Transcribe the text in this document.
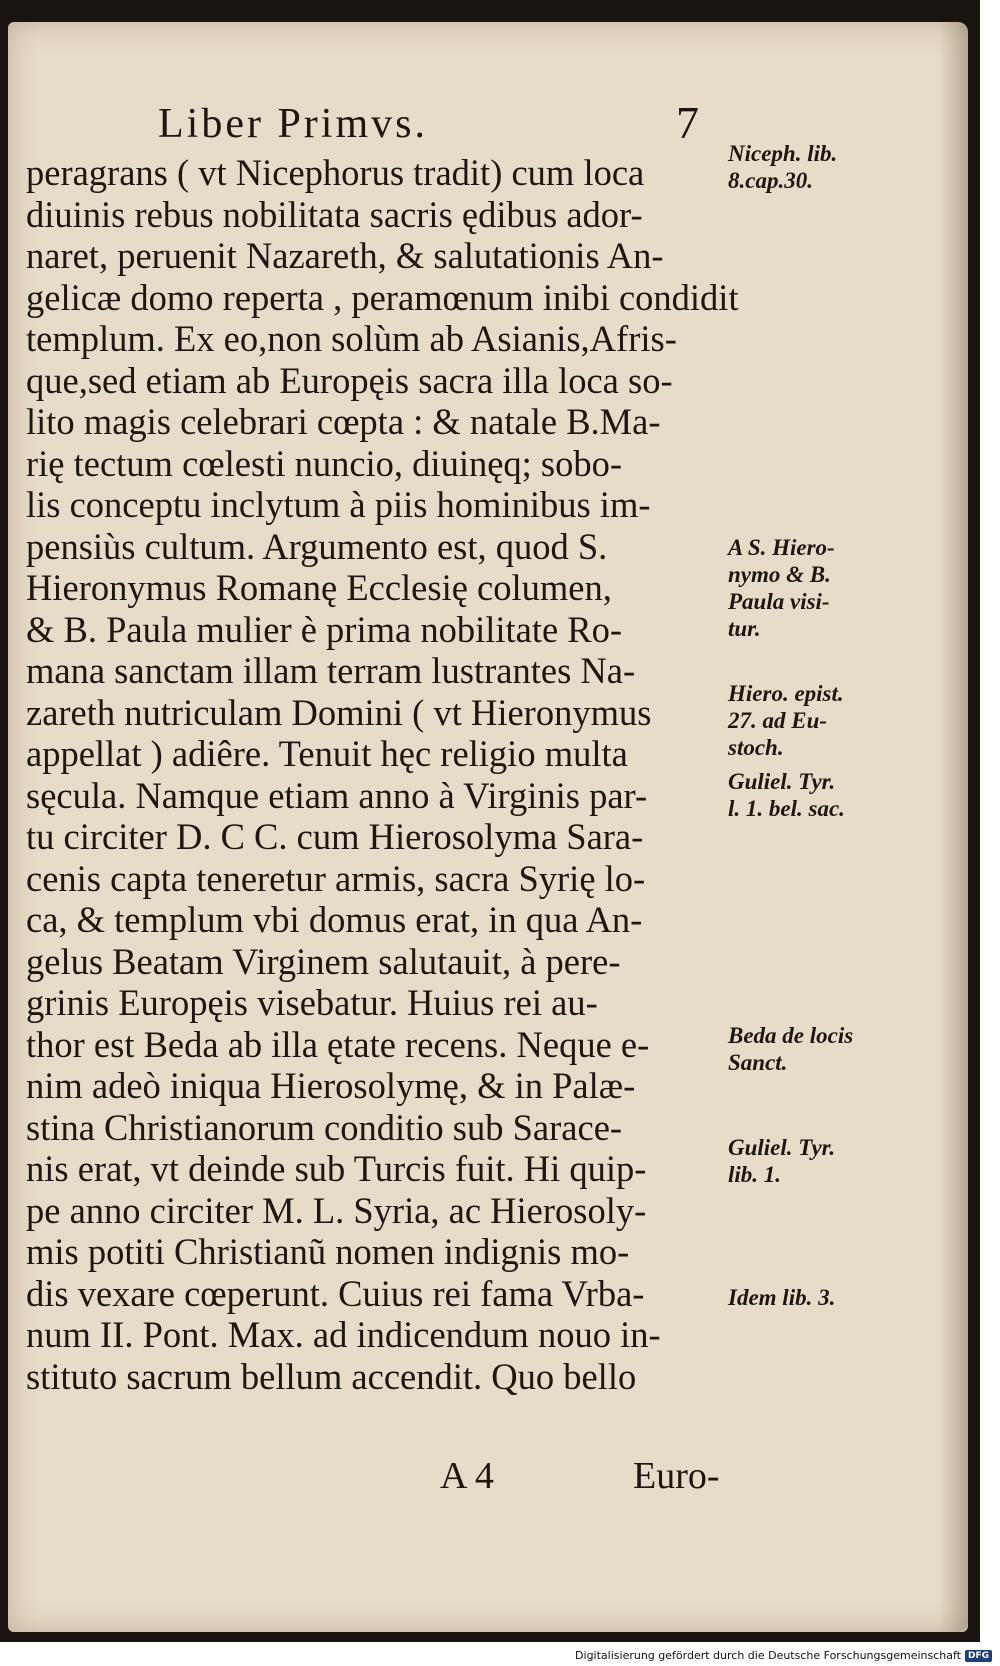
Liber Primvs.	7
peragrans ( vt Nicephorus tradit) cum loca
diuinis rebus nobilitata sacris ędibus ador-
naret, peruenit Nazareth, & salutationis An-
gelicæ domo reperta , peramœnum inibi condidit
templum. Ex eo,non solùm ab Asianis,Afris-
que,sed etiam ab Europęis sacra illa loca so-
lito magis celebrari cœpta : & natale B.Ma-
rię tectum cœlesti nuncio, diuinęq; sobo-
lis conceptu inclytum à piis hominibus im-
pensiùs cultum. Argumento est, quod S.
Hieronymus Romanę Ecclesię columen,
& B. Paula mulier è prima nobilitate Ro-
mana sanctam illam terram lustrantes Na-
zareth nutriculam Domini ( vt Hieronymus
appellat ) adiêre. Tenuit hęc religio multa
sęcula. Namque etiam anno à Virginis par-
tu circiter D. C C. cum Hierosolyma Sara-
cenis capta teneretur armis, sacra Syrię lo-
ca, & templum vbi domus erat, in qua An-
gelus Beatam Virginem salutauit, à pere-
grinis Europęis visebatur. Huius rei au-
thor est Beda ab illa ętate recens. Neque e-
nim adeò iniqua Hierosolymę, & in Palæ-
stina Christianorum conditio sub Sarace-
nis erat, vt deinde sub Turcis fuit. Hi quip-
pe anno circiter M. L. Syria, ac Hierosoly-
mis potiti Christianũ nomen indignis mo-
dis vexare cœperunt. Cuius rei fama Vrba-
num II. Pont. Max. ad indicendum nouo in-
stituto sacrum bellum accendit. Quo bello
Niceph. lib.
8.cap.30.
A S. Hiero-
nymo & B.
Paula visi-
tur.
Hiero. epist.
27. ad Eu-
stoch.
Guliel. Tyr.
l. 1. bel. sac.
Beda de locis
Sanct.
Guliel. Tyr.
lib. 1.
Idem lib. 3.
A 4	Euro-
Digitalisierung gefördert durch die Deutsche Forschungsgemeinschaft DFG
